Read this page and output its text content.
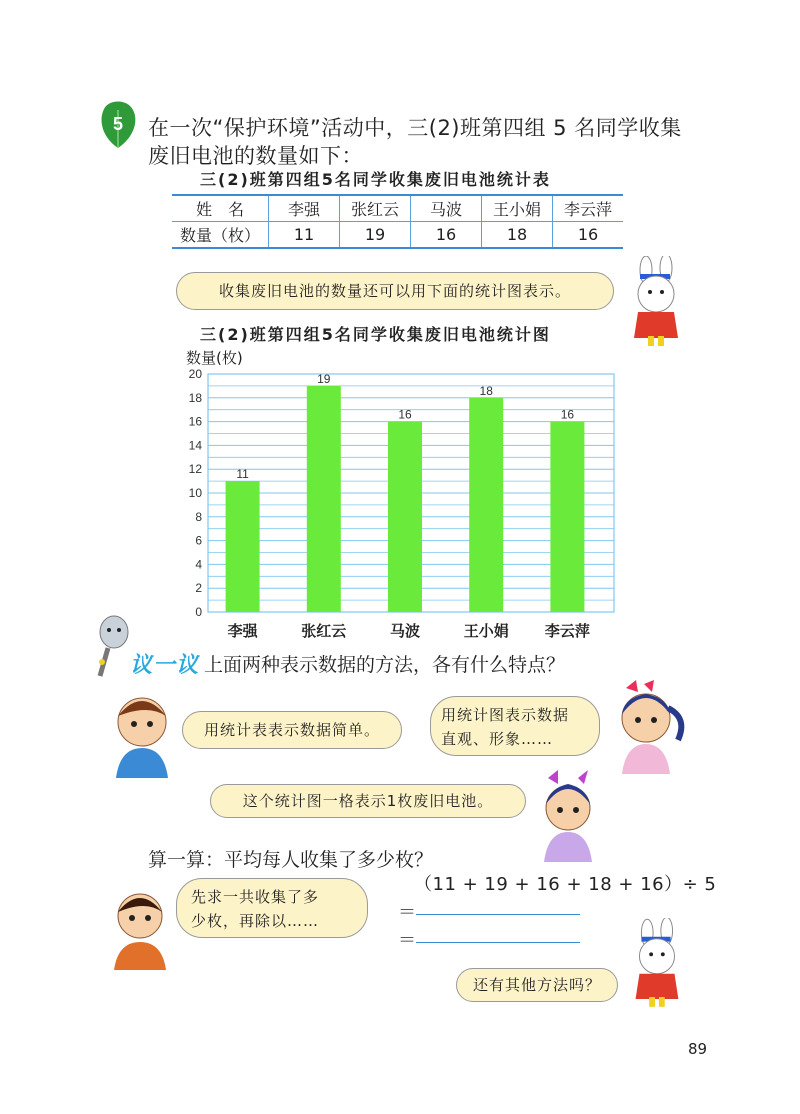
5 在一次“保护环境”活动中，三(2)班第四组 5 名同学收集
废旧电池的数量如下：
三(2)班第四组5名同学收集废旧电池统计表
姓　名	李强	张红云	马波	王小娟	李云萍
数量（枚）	11	19	16	18	16
收集废旧电池的数量还可以用下面的统计图表示。
三(2)班第四组5名同学收集废旧电池统计图
数量(枚)
0
2
4
6
8
10
12
14
16
18
20
11
李强
19
张红云
16
马波
18
王小娟
16
李云萍
议一议 上面两种表示数据的方法，各有什么特点？
用统计表表示数据简单。
用统计图表示数据
直观、形象……
这个统计图一格表示1枚废旧电池。
算一算：平均每人收集了多少枚？
先求一共收集了多
少枚，再除以……
（11 + 19 + 16 + 18 + 16）÷ 5
＝
＝
还有其他方法吗？
89
